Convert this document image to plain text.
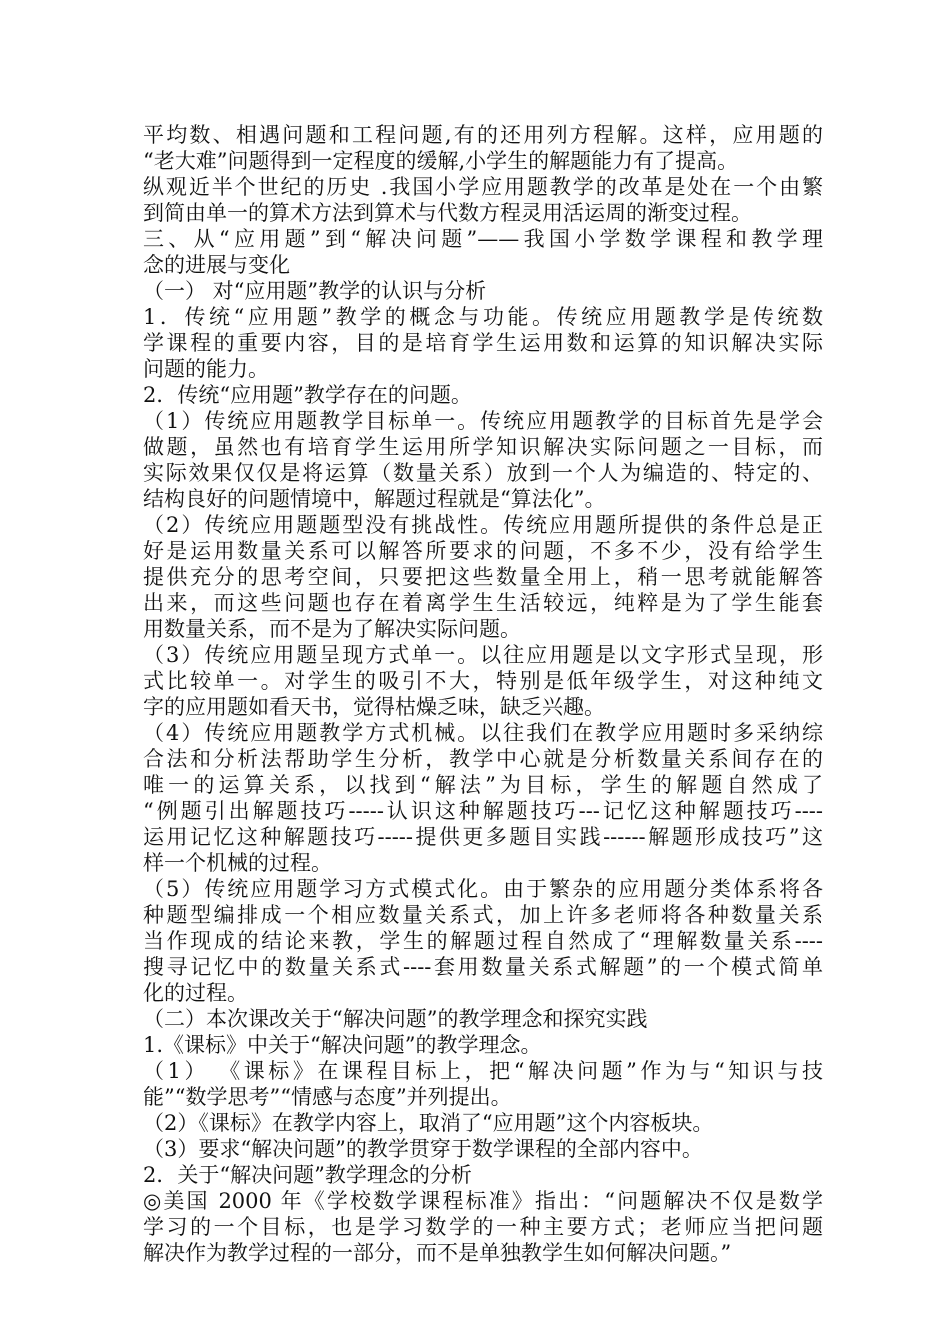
平均数、相遇问题和工程问题,有的还用列方程解。这样，应用题的
“老大难”问题得到一定程度的缓解,小学生的解题能力有了提高。
纵观近半个世纪的历史 .我国小学应用题教学的改革是处在一个由繁
到简由单一的算术方法到算术与代数方程灵用活运周的渐变过程。
三、从“应用题”到“解决问题”——我国小学数学课程和教学理
念的进展与变化
（一） 对“应用题”教学的认识与分析
1．传统“应用题”教学的概念与功能。传统应用题教学是传统数
学课程的重要内容，目的是培育学生运用数和运算的知识解决实际
问题的能力。
2．传统“应用题”教学存在的问题。
（1）传统应用题教学目标单一。传统应用题教学的目标首先是学会
做题，虽然也有培育学生运用所学知识解决实际问题之一目标，而
实际效果仅仅是将运算（数量关系）放到一个人为编造的、特定的、
结构良好的问题情境中，解题过程就是“算法化”。
（2）传统应用题题型没有挑战性。传统应用题所提供的条件总是正
好是运用数量关系可以解答所要求的问题，不多不少，没有给学生
提供充分的思考空间，只要把这些数量全用上，稍一思考就能解答
出来，而这些问题也存在着离学生生活较远，纯粹是为了学生能套
用数量关系，而不是为了解决实际问题。
（3）传统应用题呈现方式单一。以往应用题是以文字形式呈现，形
式比较单一。对学生的吸引不大，特别是低年级学生，对这种纯文
字的应用题如看天书，觉得枯燥乏味，缺乏兴趣。
（4）传统应用题教学方式机械。以往我们在教学应用题时多采纳综
合法和分析法帮助学生分析，教学中心就是分析数量关系间存在的
唯一的运算关系，以找到“解法”为目标，学生的解题自然成了
“例题引出解题技巧-----认识这种解题技巧---记忆这种解题技巧----
运用记忆这种解题技巧-----提供更多题目实践------解题形成技巧”这
样一个机械的过程。
（5）传统应用题学习方式模式化。由于繁杂的应用题分类体系将各
种题型编排成一个相应数量关系式，加上许多老师将各种数量关系
当作现成的结论来教，学生的解题过程自然成了“理解数量关系----
搜寻记忆中的数量关系式----套用数量关系式解题”的一个模式简单
化的过程。
（二）本次课改关于“解决问题”的教学理念和探究实践
1.《课标》中关于“解决问题”的教学理念。
（1） 《课标》在课程目标上，把“解决问题”作为与“知识与技
能”“数学思考”“情感与态度”并列提出。
（2）《课标》在教学内容上，取消了“应用题”这个内容板块。
（3）要求“解决问题”的教学贯穿于数学课程的全部内容中。
2．关于“解决问题”教学理念的分析
◎美国 2000 年《学校数学课程标准》指出：“问题解决不仅是数学
学习的一个目标，也是学习数学的一种主要方式；老师应当把问题
解决作为教学过程的一部分，而不是单独教学生如何解决问题。”
